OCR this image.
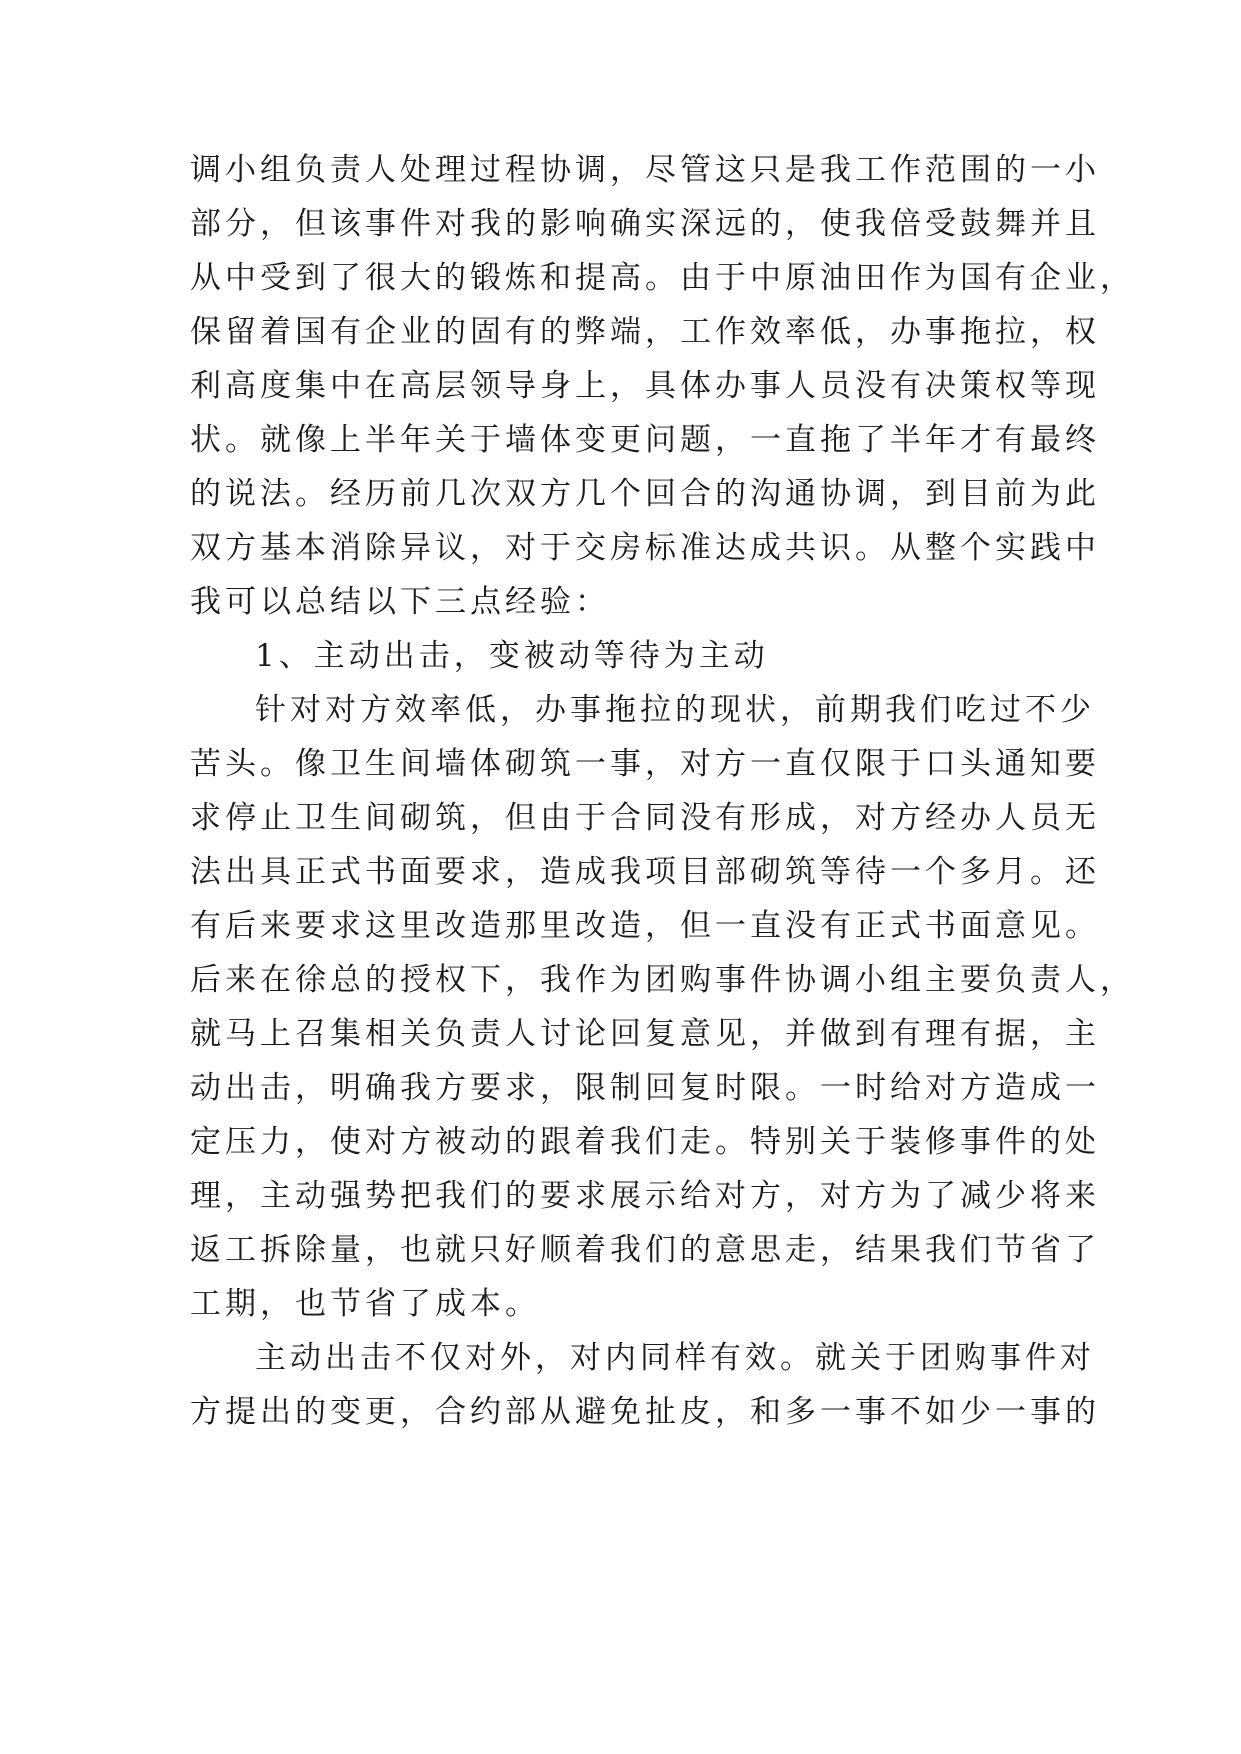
调小组负责人处理过程协调，尽管这只是我工作范围的一小
部分，但该事件对我的影响确实深远的，使我倍受鼓舞并且
从中受到了很大的锻炼和提高。由于中原油田作为国有企业，
保留着国有企业的固有的弊端，工作效率低，办事拖拉，权
利高度集中在高层领导身上，具体办事人员没有决策权等现
状。就像上半年关于墙体变更问题，一直拖了半年才有最终
的说法。经历前几次双方几个回合的沟通协调，到目前为此
双方基本消除异议，对于交房标准达成共识。从整个实践中
我可以总结以下三点经验：
1、主动出击，变被动等待为主动
针对对方效率低，办事拖拉的现状，前期我们吃过不少
苦头。像卫生间墙体砌筑一事，对方一直仅限于口头通知要
求停止卫生间砌筑，但由于合同没有形成，对方经办人员无
法出具正式书面要求，造成我项目部砌筑等待一个多月。还
有后来要求这里改造那里改造，但一直没有正式书面意见。
后来在徐总的授权下，我作为团购事件协调小组主要负责人，
就马上召集相关负责人讨论回复意见，并做到有理有据，主
动出击，明确我方要求，限制回复时限。一时给对方造成一
定压力，使对方被动的跟着我们走。特别关于装修事件的处
理，主动强势把我们的要求展示给对方，对方为了减少将来
返工拆除量，也就只好顺着我们的意思走，结果我们节省了
工期，也节省了成本。
主动出击不仅对外，对内同样有效。就关于团购事件对
方提出的变更，合约部从避免扯皮，和多一事不如少一事的
